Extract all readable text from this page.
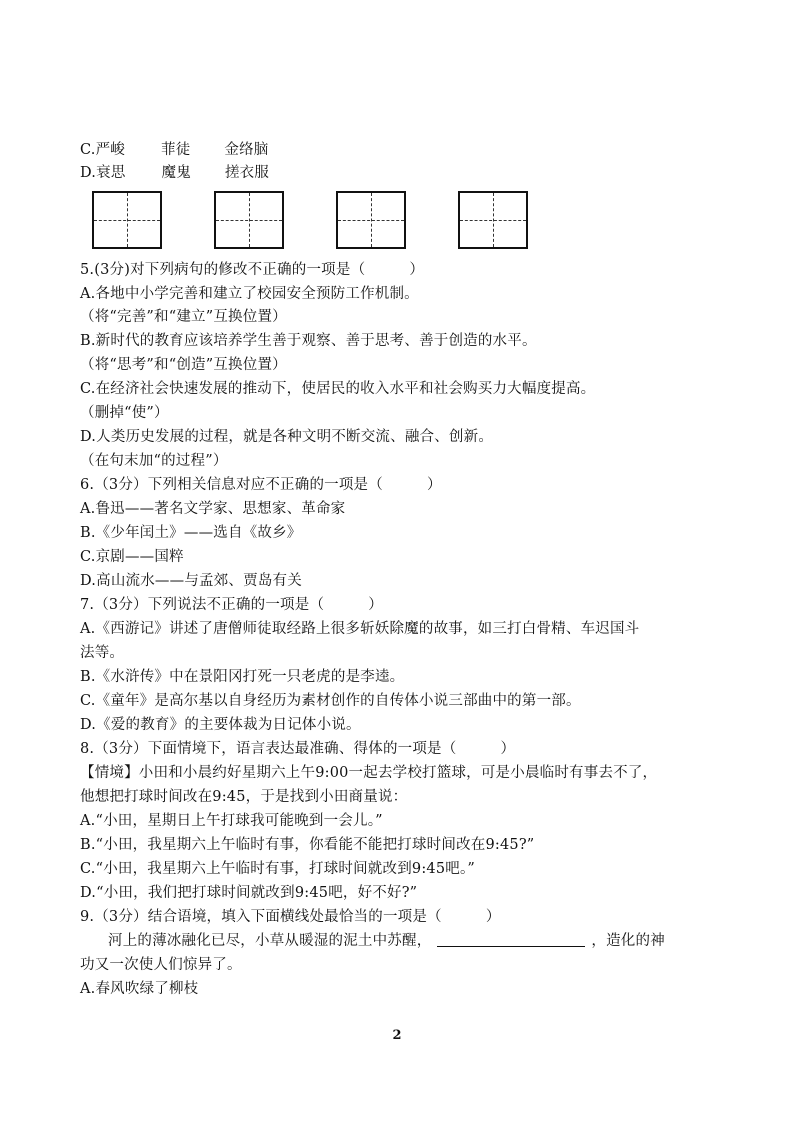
C.严峻 菲徒 金络脑

D.衰思 魔鬼 搓衣服

5.(3分)对下列病句的修改不正确的一项是（　　　）

A.各地中小学完善和建立了校园安全预防工作机制。

（将“完善”和“建立”互换位置）

B.新时代的教育应该培养学生善于观察、善于思考、善于创造的水平。

（将“思考”和“创造”互换位置）

C.在经济社会快速发展的推动下，使居民的收入水平和社会购买力大幅度提高。

（删掉“使”）

D.人类历史发展的过程，就是各种文明不断交流、融合、创新。

（在句末加“的过程”）

6.（3分）下列相关信息对应不正确的一项是（　　　）

A.鲁迅——著名文学家、思想家、革命家

B.《少年闰土》——选自《故乡》

C.京剧——国粹

D.高山流水——与孟郊、贾岛有关

7.（3分）下列说法不正确的一项是（　　　）

A.《西游记》讲述了唐僧师徒取经路上很多斩妖除魔的故事，如三打白骨精、车迟国斗

法等。

B.《水浒传》中在景阳冈打死一只老虎的是李逵。

C.《童年》是高尔基以自身经历为素材创作的自传体小说三部曲中的第一部。

D.《爱的教育》的主要体裁为日记体小说。

8.（3分）下面情境下，语言表达最准确、得体的一项是（　　　）

【情境】小田和小晨约好星期六上午9:00一起去学校打篮球，可是小晨临时有事去不了，

他想把打球时间改在9:45，于是找到小田商量说：

A.“小田，星期日上午打球我可能晚到一会儿。”

B.“小田，我星期六上午临时有事，你看能不能把打球时间改在9:45?”

C.“小田，我星期六上午临时有事，打球时间就改到9:45吧。”

D.“小田，我们把打球时间就改到9:45吧，好不好?”

9.（3分）结合语境，填入下面横线处最恰当的一项是（　　　）

河上的薄冰融化已尽，小草从暖湿的泥土中苏醒，	，造化的神

功又一次使人们惊异了。

A.春风吹绿了柳枝

2
